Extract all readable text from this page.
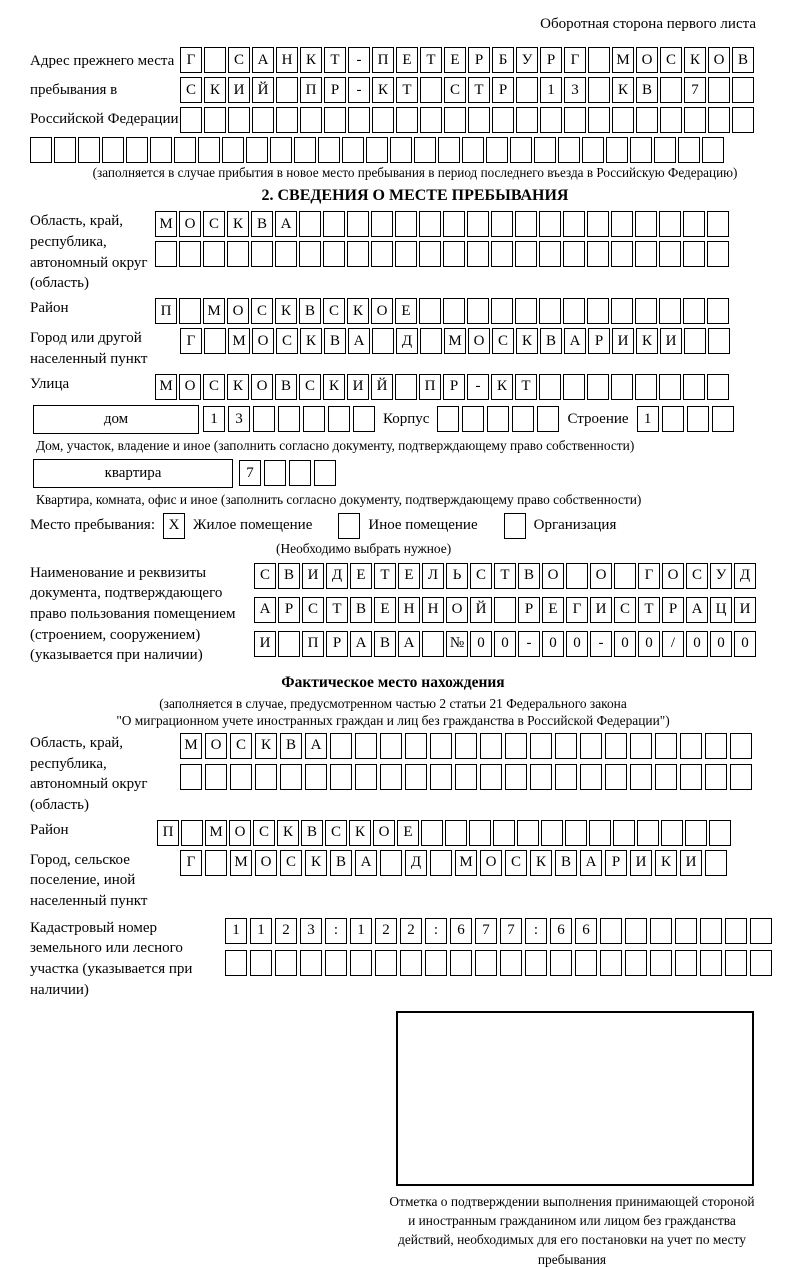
Оборотная сторона первого листа
Адрес прежнего места пребывания в Российской Федерации
Г	С А Н К Т	-	П Е Т Е	Р	Б У Р	Г	М О С К О В
С К И Й	П Р	-	К Т	С Т	Р	1	3	К В	7
(заполняется в случае прибытия в новое место пребывания в период последнего въезда в Российскую Федерацию)
2. СВЕДЕНИЯ О МЕСТЕ ПРЕБЫВАНИЯ
Область, край, республика, автономный округ (область)
М О С К В А
Район	П	М О С К В С К О Е
Город или другой населенный пункт
Г	М О С К В А	Д	М О С К В А Р И К И
Улица	М О С К О В С К И Й	П Р	-	К Т
дом	1	3	Корпус	Строение	1
Дом, участок, владение и иное (заполнить согласно документу, подтверждающему право собственности)
квартира	7
Квартира, комната, офис и иное (заполнить согласно документу, подтверждающему право собственности)
Место пребывания: X Жилое помещение	Иное помещение	Организация
(Необходимо выбрать нужное)
Наименование и реквизиты документа, подтверждающего право пользования помещением (строением, сооружением) (указывается при наличии)
С В И Д Е Т Е Л Ь С Т В О	О	Г О С У Д
А Р С Т В Е Н Н О Й	Р	Е	Г И С Т	Р А Ц И
И	П Р А В А	№ 0	0	-	0	0	-	0	0	/	0	0	0
Фактическое место нахождения
(заполняется в случае, предусмотренном частью 2 статьи 21 Федерального закона
"О миграционном учете иностранных граждан и лиц без гражданства в Российской Федерации")
Область, край, республика, автономный округ (область)
М О С К В А
Район	П	М О С К В С К О Е
Город, сельское поселение, иной населенный пункт
Г	М О С К В А	Д	М О С К В А	Р	И К И
Кадастровый номер земельного или лесного участка (указывается при наличии)
1	1	2	3	:	1	2	2	:	6	7	7	:	6	6
Отметка о подтверждении выполнения принимающей стороной и иностранным гражданином или лицом без гражданства действий, необходимых для его постановки на учет по месту пребывания
